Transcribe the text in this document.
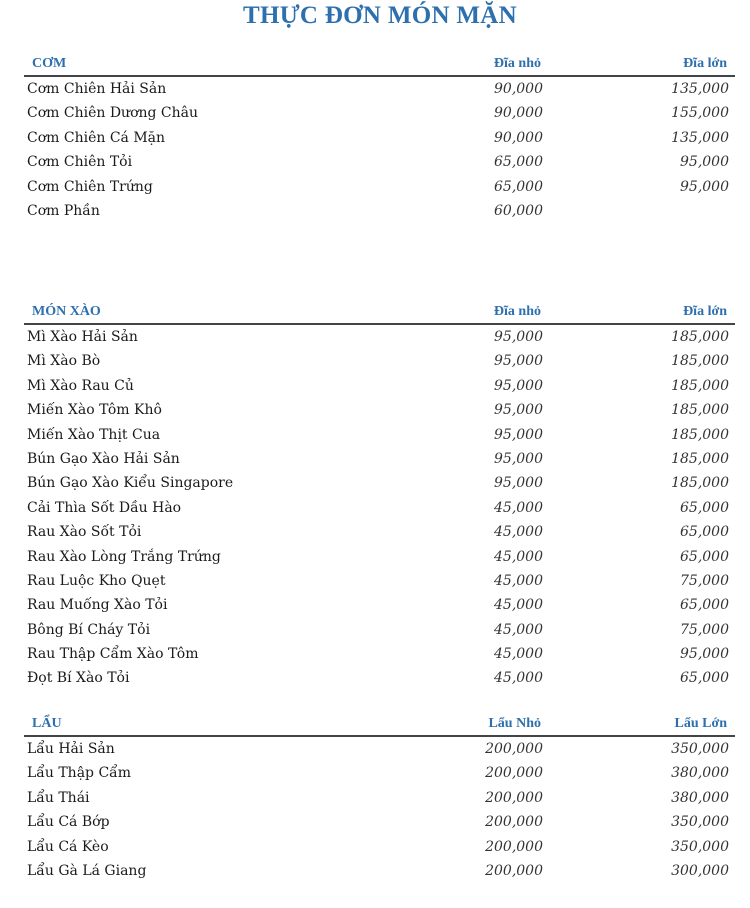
THỰC ĐƠN MÓN MẶN
CƠM	Đĩa nhỏ	Đĩa lớn
Cơm Chiên Hải Sản	90,000	135,000
Cơm Chiên Dương Châu	90,000	155,000
Cơm Chiên Cá Mặn	90,000	135,000
Cơm Chiên Tỏi	65,000	95,000
Cơm Chiên Trứng	65,000	95,000
Cơm Phần	60,000
MÓN XÀO	Đĩa nhỏ	Đĩa lớn
Mì Xào Hải Sản	95,000	185,000
Mì Xào Bò	95,000	185,000
Mì Xào Rau Củ	95,000	185,000
Miến Xào Tôm Khô	95,000	185,000
Miến Xào Thịt Cua	95,000	185,000
Bún Gạo Xào Hải Sản	95,000	185,000
Bún Gạo Xào Kiểu Singapore	95,000	185,000
Cải Thìa Sốt Dầu Hào	45,000	65,000
Rau Xào Sốt Tỏi	45,000	65,000
Rau Xào Lòng Trắng Trứng	45,000	65,000
Rau Luộc Kho Quẹt	45,000	75,000
Rau Muống Xào Tỏi	45,000	65,000
Bông Bí Cháy Tỏi	45,000	75,000
Rau Thập Cẩm Xào Tôm	45,000	95,000
Đọt Bí Xào Tỏi	45,000	65,000
LẨU	Lẩu Nhỏ	Lẩu Lớn
Lẩu Hải Sản	200,000	350,000
Lẩu Thập Cẩm	200,000	380,000
Lẩu Thái	200,000	380,000
Lẩu Cá Bớp	200,000	350,000
Lẩu Cá Kèo	200,000	350,000
Lẩu Gà Lá Giang	200,000	300,000
